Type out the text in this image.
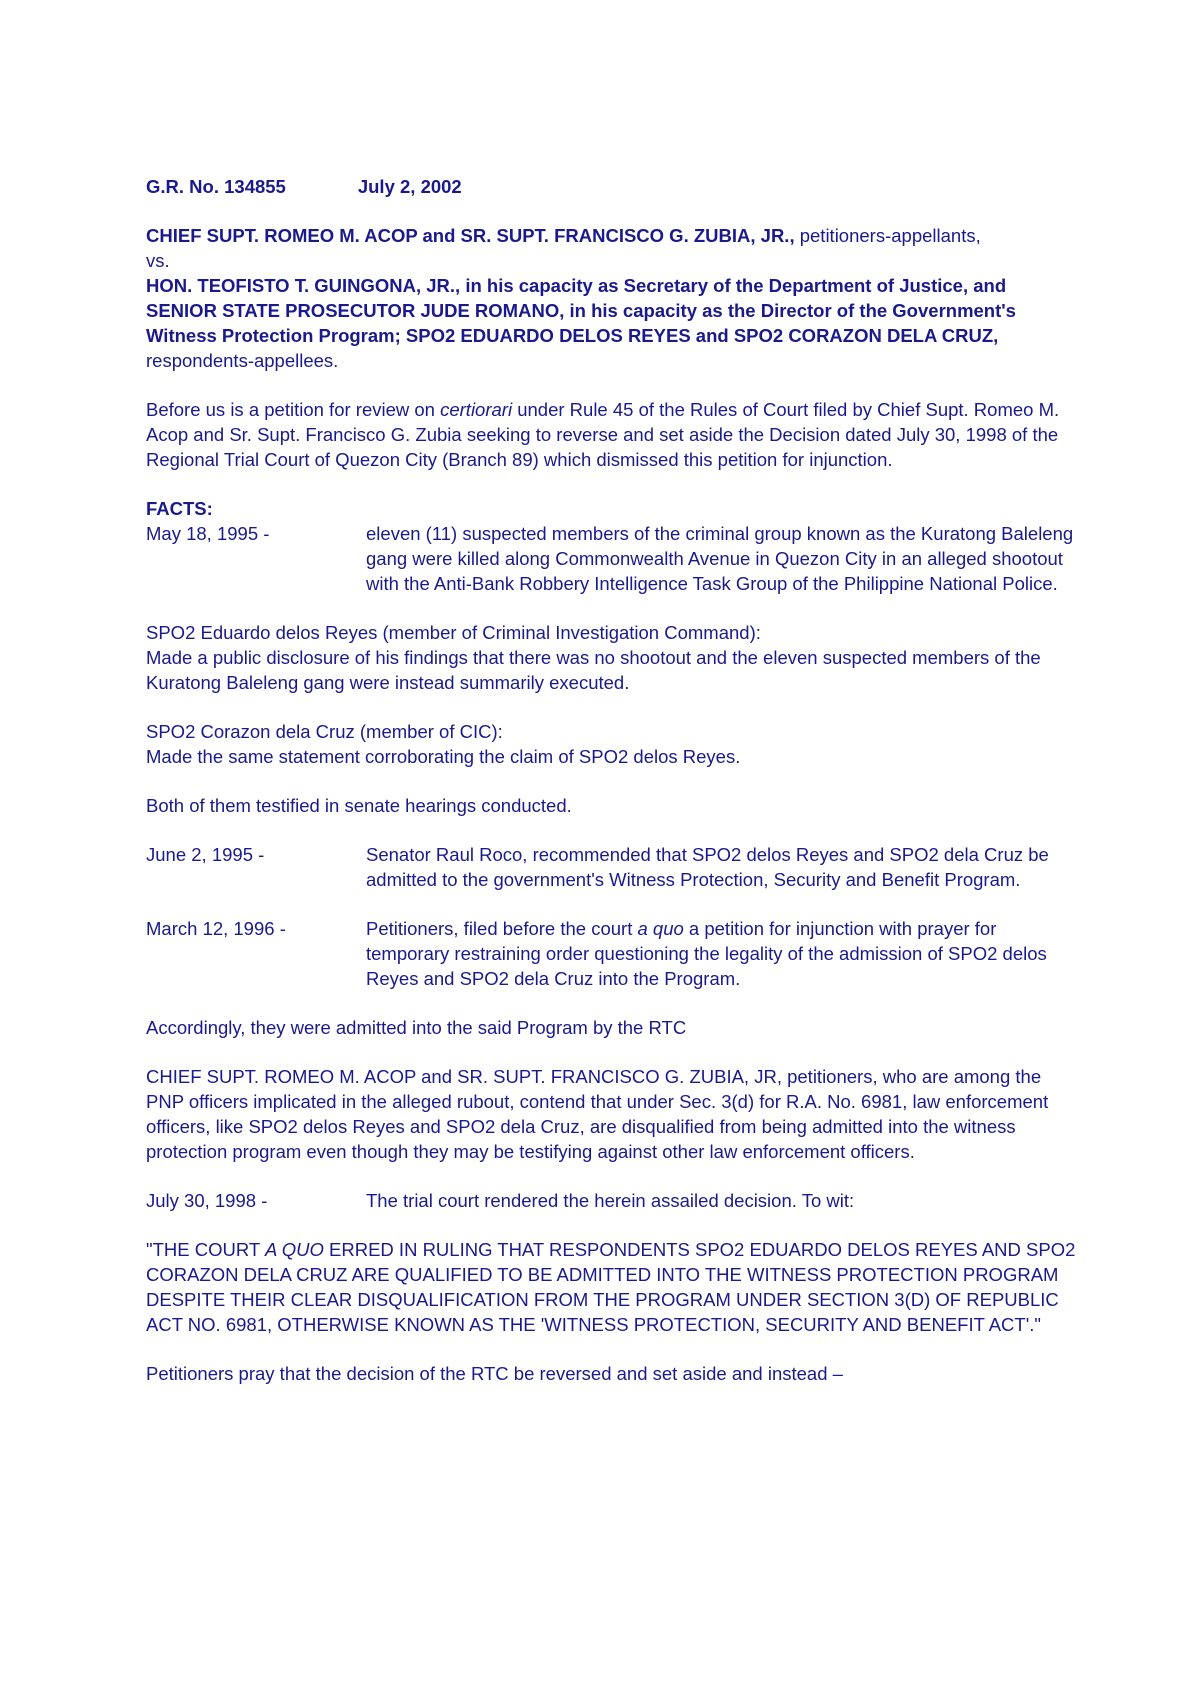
G.R. No. 134855	July 2, 2002

CHIEF SUPT. ROMEO M. ACOP and SR. SUPT. FRANCISCO G. ZUBIA, JR., petitioners-appellants,

vs.

HON. TEOFISTO T. GUINGONA, JR., in his capacity as Secretary of the Department of Justice, and SENIOR STATE PROSECUTOR JUDE ROMANO, in his capacity as the Director of the Government's Witness Protection Program; SPO2 EDUARDO DELOS REYES and SPO2 CORAZON DELA CRUZ, respondents-appellees.

Before us is a petition for review on certiorari under Rule 45 of the Rules of Court filed by Chief Supt. Romeo M. Acop and Sr. Supt. Francisco G. Zubia seeking to reverse and set aside the Decision dated July 30, 1998 of the Regional Trial Court of Quezon City (Branch 89) which dismissed this petition for injunction.

FACTS:

May 18, 1995 -	eleven (11) suspected members of the criminal group known as the Kuratong Baleleng gang were killed along Commonwealth Avenue in Quezon City in an alleged shootout with the Anti-Bank Robbery Intelligence Task Group of the Philippine National Police.

SPO2 Eduardo delos Reyes (member of Criminal Investigation Command):

Made a public disclosure of his findings that there was no shootout and the eleven suspected members of the Kuratong Baleleng gang were instead summarily executed.

SPO2 Corazon dela Cruz (member of CIC):

Made the same statement corroborating the claim of SPO2 delos Reyes.

Both of them testified in senate hearings conducted.

June 2, 1995 -	Senator Raul Roco, recommended that SPO2 delos Reyes and SPO2 dela Cruz be admitted to the government's Witness Protection, Security and Benefit Program.
March 12, 1996 -	Petitioners, filed before the court a quo a petition for injunction with prayer for temporary restraining order questioning the legality of the admission of SPO2 delos Reyes and SPO2 dela Cruz into the Program.

Accordingly, they were admitted into the said Program by the RTC

CHIEF SUPT. ROMEO M. ACOP and SR. SUPT. FRANCISCO G. ZUBIA, JR, petitioners, who are among the PNP officers implicated in the alleged rubout, contend that under Sec. 3(d) for R.A. No. 6981, law enforcement officers, like SPO2 delos Reyes and SPO2 dela Cruz, are disqualified from being admitted into the witness protection program even though they may be testifying against other law enforcement officers.

July 30, 1998 -	The trial court rendered the herein assailed decision. To wit:

"THE COURT A QUO ERRED IN RULING THAT RESPONDENTS SPO2 EDUARDO DELOS REYES AND SPO2 CORAZON DELA CRUZ ARE QUALIFIED TO BE ADMITTED INTO THE WITNESS PROTECTION PROGRAM DESPITE THEIR CLEAR DISQUALIFICATION FROM THE PROGRAM UNDER SECTION 3(D) OF REPUBLIC ACT NO. 6981, OTHERWISE KNOWN AS THE 'WITNESS PROTECTION, SECURITY AND BENEFIT ACT'."

Petitioners pray that the decision of the RTC be reversed and set aside and instead –
